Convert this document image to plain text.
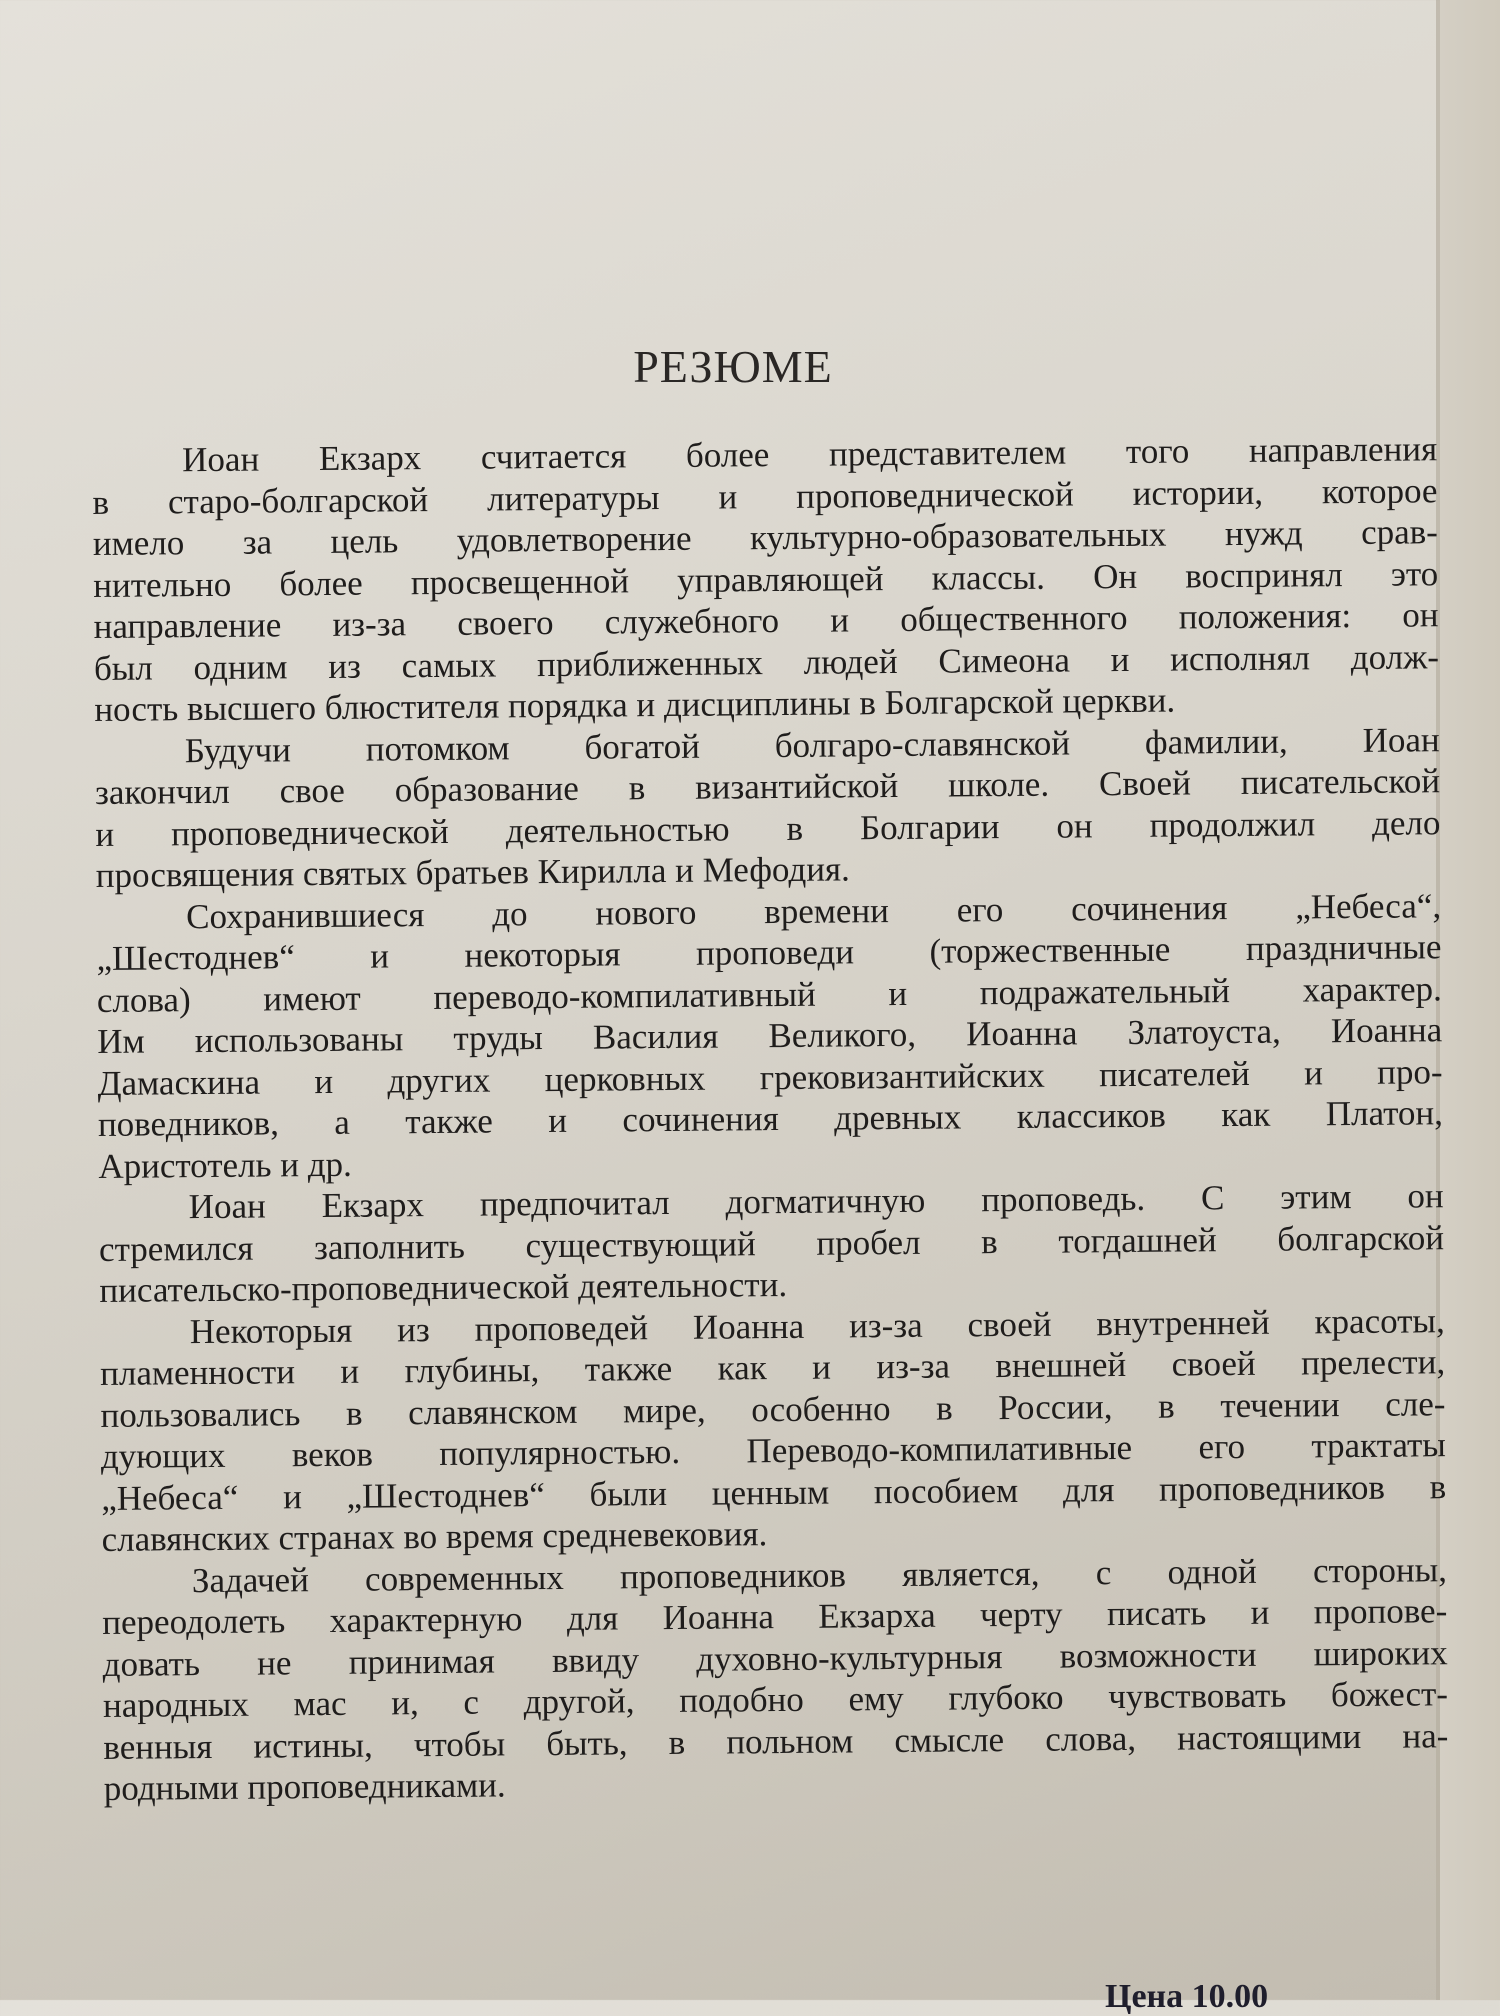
РЕЗЮМЕ
Иоан Екзарх считается более представителем того направления
в старо-болгарской литературы и проповеднической истории, которое
имело за цель удовлетворение культурно-образовательных нужд срав-
нительно более просвещенной управляющей классы. Он воспринял это
направление из-за своего служебного и общественного положения: он
был одним из самых приближенных людей Симеона и исполнял долж-
ность высшего блюстителя порядка и дисциплины в Болгарской церкви.
Будучи потомком богатой болгаро-славянской фамилии, Иоан
закончил свое образование в византийской школе. Своей писательской
и проповеднической деятельностью в Болгарии он продолжил дело
просвящения святых братьев Кирилла и Мефодия.
Сохранившиеся до нового времени его сочинения „Небеса“,
„Шестоднев“ и некоторыя проповеди (торжественные праздничные
слова) имеют переводо-компилативный и подражательный характер.
Им использованы труды Василия Великого, Иоанна Златоуста, Иоанна
Дамаскина и других церковных грековизантийских писателей и про-
поведников, а также и сочинения древных классиков как Платон,
Аристотель и др.
Иоан Екзарх предпочитал догматичную проповедь. С этим он
стремился заполнить существующий пробел в тогдашней болгарской
писательско-проповеднической деятельности.
Некоторыя из проповедей Иоанна из-за своей внутренней красоты,
пламенности и глубины, также как и из-за внешней своей прелести,
пользовались в славянском мире, особенно в России, в течении сле-
дующих веков популярностью. Переводо-компилативные его трактаты
„Небеса“ и „Шестоднев“ были ценным пособием для проповедников в
славянских странах во время средневековия.
Задачей современных проповедников является, с одной стороны,
переодолеть характерную для Иоанна Екзарха черту писать и пропове-
довать не принимая ввиду духовно-культурныя возможности широких
народных мас и, с другой, подобно ему глубоко чувствовать божест-
венныя истины, чтобы быть, в польном смысле слова, настоящими на-
родными проповедниками.
Цена 10.00
